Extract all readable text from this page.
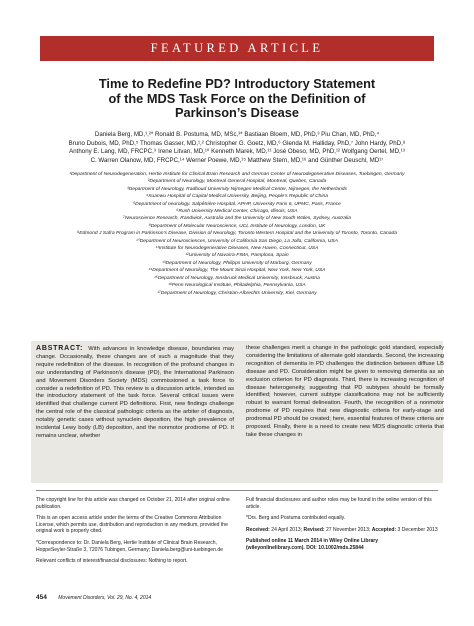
FEATURED ARTICLE
Time to Redefine PD? Introductory Statement
of the MDS Task Force on the Definition of
Parkinson’s Disease
Daniela Berg, MD,¹,²* Ronald B. Postuma, MD, MSc,³* Bastiaan Bloem, MD, PhD,³ Piu Chan, MD, PhD,⁴
Bruno Dubois, MD, PhD,⁵ Thomas Gasser, MD,¹,² Christopher G. Goetz, MD,⁶ Glenda M. Halliday, PhD,⁷ John Hardy, PhD,⁸
Anthony E. Lang, MD, FRCPC,⁹ Irene Litvan, MD,¹⁰ Kenneth Marek, MD,¹¹ José Obeso, MD, PhD,¹² Wolfgang Oertel, MD,¹³
C. Warren Olanow, MD, FRCPC,¹⁴ Werner Poewe, MD,¹⁵ Matthew Stern, MD,¹⁶ and Günther Deuschl, MD¹⁷
¹Department of Neurodegeneration, Hertie Institute for Clinical Brain Research and German Center of Neurodegenerative Diseases, Tuebingen, Germany
²Department of Neurology, Montreal General Hospital, Montreal, Quebec, Canada
³Department of Neurology, Radboud University Nijmegen Medical Center, Nijmegen, the Netherlands
⁴Xuanwu Hospital of Capital Medical University, Beijing, People’s Republic of China
⁵Department of neurology, Salpêtrière Hospital, APHP, University Paris 6, UPMC, Paris, France
⁶Rush University Medical Center, Chicago, Illinois, USA
⁷Neuroscience Research, Randwick, Australia and the University of New South Wales, Sydney, Australia
⁸Department of Molecular Neuroscience, UCL Institute of Neurology, London, UK
⁹Edmond J Safra Program in Parkinson’s Disease, Division of Neurology, Toronto Western Hospital and the University of Toronto, Toronto, Canada
¹⁰Department of Neurosciences, University of California San Diego, La Jolla, California, USA
¹¹Institute for Neurodegenerative Diseases, New Haven, Connecticut, USA
¹²University of Navarra-FIMA, Pamplona, Spain
¹³Department of Neurology, Philipps University of Marburg, Germany
¹⁴Department of Neurology, The Mount Sinai Hospital, New York, New York, USA
¹⁵Department of Neurology, Innsbruck Medical University, Innsbruck, Austria
¹⁶Penn Neurological Institute, Philadelphia, Pennsylvania, USA
¹⁷Department of Neurology, Christian-Albrechts University, Kiel, Germany
ABSTRACT: With advances in knowledge disease, boundaries may change. Occasionally, these changes are of such a magnitude that they require redefinition of the disease. In recognition of the profound changes in our understanding of Parkinson’s disease (PD), the International Parkinson and Movement Disorders Society (MDS) commissioned a task force to consider a redefinition of PD. This review is a discussion article, intended as the introductory statement of the task force. Several critical issues were identified that challenge current PD definitions. First, new findings challenge the central role of the classical pathologic criteria as the arbiter of diagnosis, notably genetic cases without synuclein deposition, the high prevalence of incidental Lewy body (LB) deposition, and the nonmotor prodrome of PD. It remains unclear, whether
these challenges merit a change in the pathologic gold standard, especially considering the limitations of alternate gold standards. Second, the increasing recognition of dementia in PD challenges the distinction between diffuse LB disease and PD. Consideration might be given to removing dementia as an exclusion criterion for PD diagnosis. Third, there is increasing recognition of disease heterogeneity, suggesting that PD subtypes should be formally identified; however, current subtype classifications may not be sufficiently robust to warrant formal delineation. Fourth, the recognition of a nonmotor prodrome of PD requires that new diagnostic criteria for early-stage and prodromal PD should be created; here, essential features of these criteria are proposed. Finally, there is a need to create new MDS diagnostic criteria that take these changes in

The copyright line for this article was changed on October 21, 2014 after original online publication.

This is an open access article under the terms of the Creative Commons Attribution License, which permits use, distribution and reproduction in any medium, provided the original work is properly cited.

*Correspondence to: Dr. Daniela Berg, Hertie Institute of Clinical Brain Research, HoppeSeyler-Straße 3, 72076 Tubingen, Germany; Daniela.berg@uni-tuebingen.de

Relevant conflicts of interest/financial disclosures: Nothing to report.

Full financial disclosures and author roles may be found in the online version of this article.

*Drs. Berg and Postuma contributed equally.

Received: 24 April 2013; Revised: 27 November 2013; Accepted: 3 December 2013

Published online 11 March 2014 in Wiley Online Library
(wileyonlinelibrary.com). DOI: 10.1002/mds.25844

454 Movement Disorders, Vol. 29, No. 4, 2014
